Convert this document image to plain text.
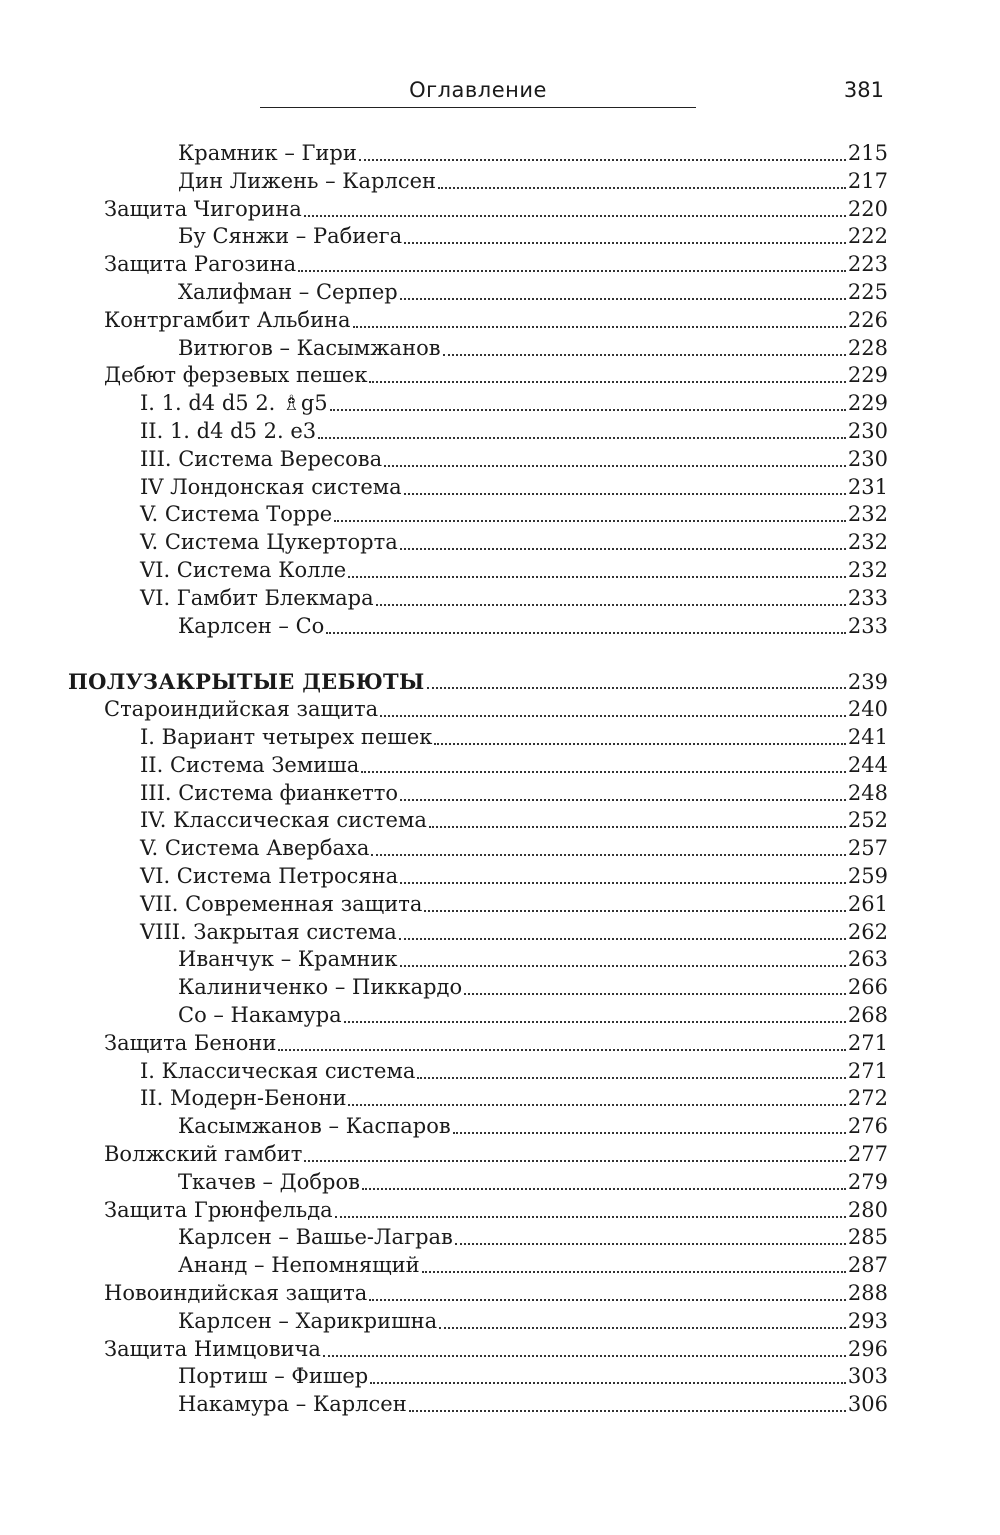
Оглавление	381
Крамник – Гири	215
Дин Лижень – Карлсен	217
Защита Чигорина	220
Бу Сянжи – Рабиега	222
Защита Рагозина	223
Халифман – Серпер	225
Контргамбит Альбина	226
Витюгов – Касымжанов	228
Дебют ферзевых пешек	229
I. 1. d4 d5 2. ♗g5	229
II. 1. d4 d5 2. e3	230
III. Система Вересова	230
IV Лондонская система	231
V. Система Торре	232
V. Система Цукерторта	232
VI. Система Колле	232
VI. Гамбит Блекмара	233
Карлсен – Со	233
ПОЛУЗАКРЫТЫЕ ДЕБЮТЫ	239
Староиндийская защита	240
I. Вариант четырех пешек	241
II. Система Земиша	244
III. Система фианкетто	248
IV. Классическая система	252
V. Система Авербаха	257
VI. Система Петросяна	259
VII. Современная защита	261
VIII. Закрытая система	262
Иванчук – Крамник	263
Калиниченко – Пиккардо	266
Со – Накамура	268
Защита Бенони	271
I. Классическая система	271
II. Модерн-Бенони	272
Касымжанов – Каспаров	276
Волжский гамбит	277
Ткачев – Добров	279
Защита Грюнфельда	280
Карлсен – Вашье-Лаграв	285
Ананд – Непомнящий	287
Новоиндийская защита	288
Карлсен – Харикришна	293
Защита Нимцовича	296
Портиш – Фишер	303
Накамура – Карлсен	306
